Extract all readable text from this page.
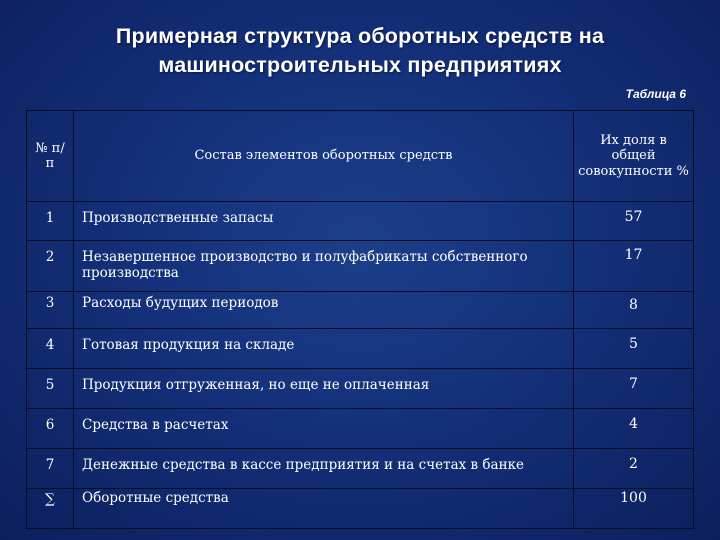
Примерная структура оборотных средств на
машиностроительных предприятиях
Таблица 6
№ п/п	Состав элементов оборотных средств	Их доля в общей совокупности %
1	Производственные запасы	57
2	Незавершенное производство и полуфабрикаты собственного производства	17
3	Расходы будущих периодов	8
4	Готовая продукция на складе	5
5	Продукция отгруженная, но еще не оплаченная	7
6	Средства в расчетах	4
7	Денежные средства в кассе предприятия и на счетах в банке	2
∑	Оборотные средства	100
